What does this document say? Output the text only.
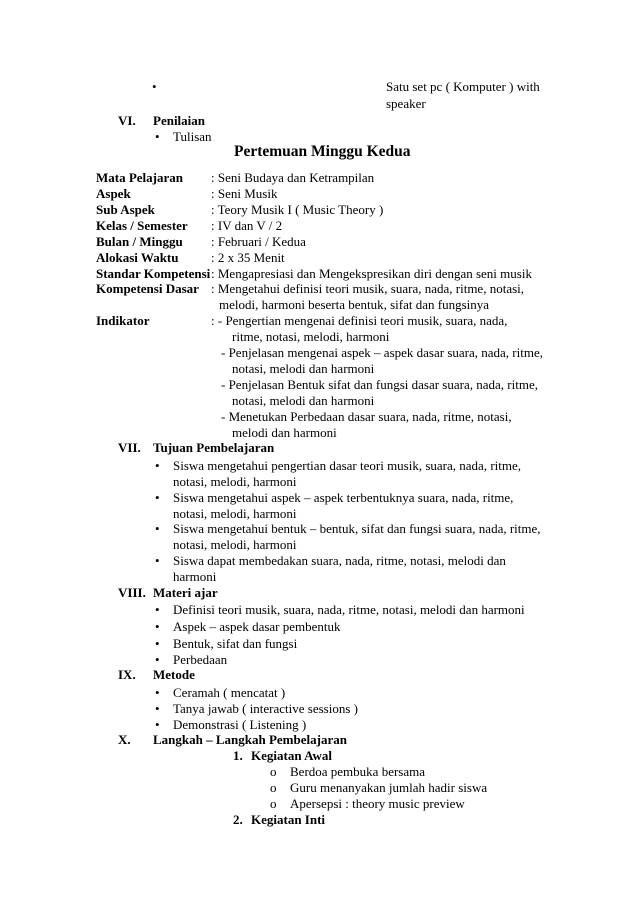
•
Satu set pc ( Komputer ) with
speaker
VI. Penilaian
•
Tulisan
Pertemuan Minggu Kedua
Mata Pelajaran : Seni Budaya dan Ketrampilan
Aspek	: Seni Musik
Sub Aspek	: Teory Musik I ( Music Theory )
Kelas / Semester : IV dan V / 2
Bulan / Minggu : Februari / Kedua
Alokasi Waktu	: 2 x 35 Menit
Standar Kompetensi : Mengapresiasi dan Mengekspresikan diri dengan seni musik
Kompetensi Dasar : Mengetahui definisi teori musik, suara, nada, ritme, notasi,
melodi, harmoni beserta bentuk, sifat dan fungsinya
Indikator	: - Pengertian mengenai definisi teori musik, suara, nada,
ritme, notasi, melodi, harmoni
- Penjelasan mengenai aspek – aspek dasar suara, nada, ritme,
notasi, melodi dan harmoni
- Penjelasan Bentuk sifat dan fungsi dasar suara, nada, ritme,
notasi, melodi dan harmoni
- Menetukan Perbedaan dasar suara, nada, ritme, notasi,
melodi dan harmoni
VII. Tujuan Pembelajaran
•
Siswa mengetahui pengertian dasar teori musik, suara, nada, ritme,
notasi, melodi, harmoni
•
Siswa mengetahui aspek – aspek terbentuknya suara, nada, ritme,
notasi, melodi, harmoni
•
Siswa mengetahui bentuk – bentuk, sifat dan fungsi suara, nada, ritme,
notasi, melodi, harmoni
•
Siswa dapat membedakan suara, nada, ritme, notasi, melodi dan
harmoni
VIII. Materi ajar
•
Definisi teori musik, suara, nada, ritme, notasi, melodi dan harmoni
•
Aspek – aspek dasar pembentuk
•
Bentuk, sifat dan fungsi
•
Perbedaan
IX. Metode
•
Ceramah ( mencatat )
•
Tanya jawab ( interactive sessions )
•
Demonstrasi ( Listening )
X. Langkah – Langkah Pembelajaran
1. Kegiatan Awal
o Berdoa pembuka bersama
o Guru menanyakan jumlah hadir siswa
o Apersepsi : theory music preview
2. Kegiatan Inti
